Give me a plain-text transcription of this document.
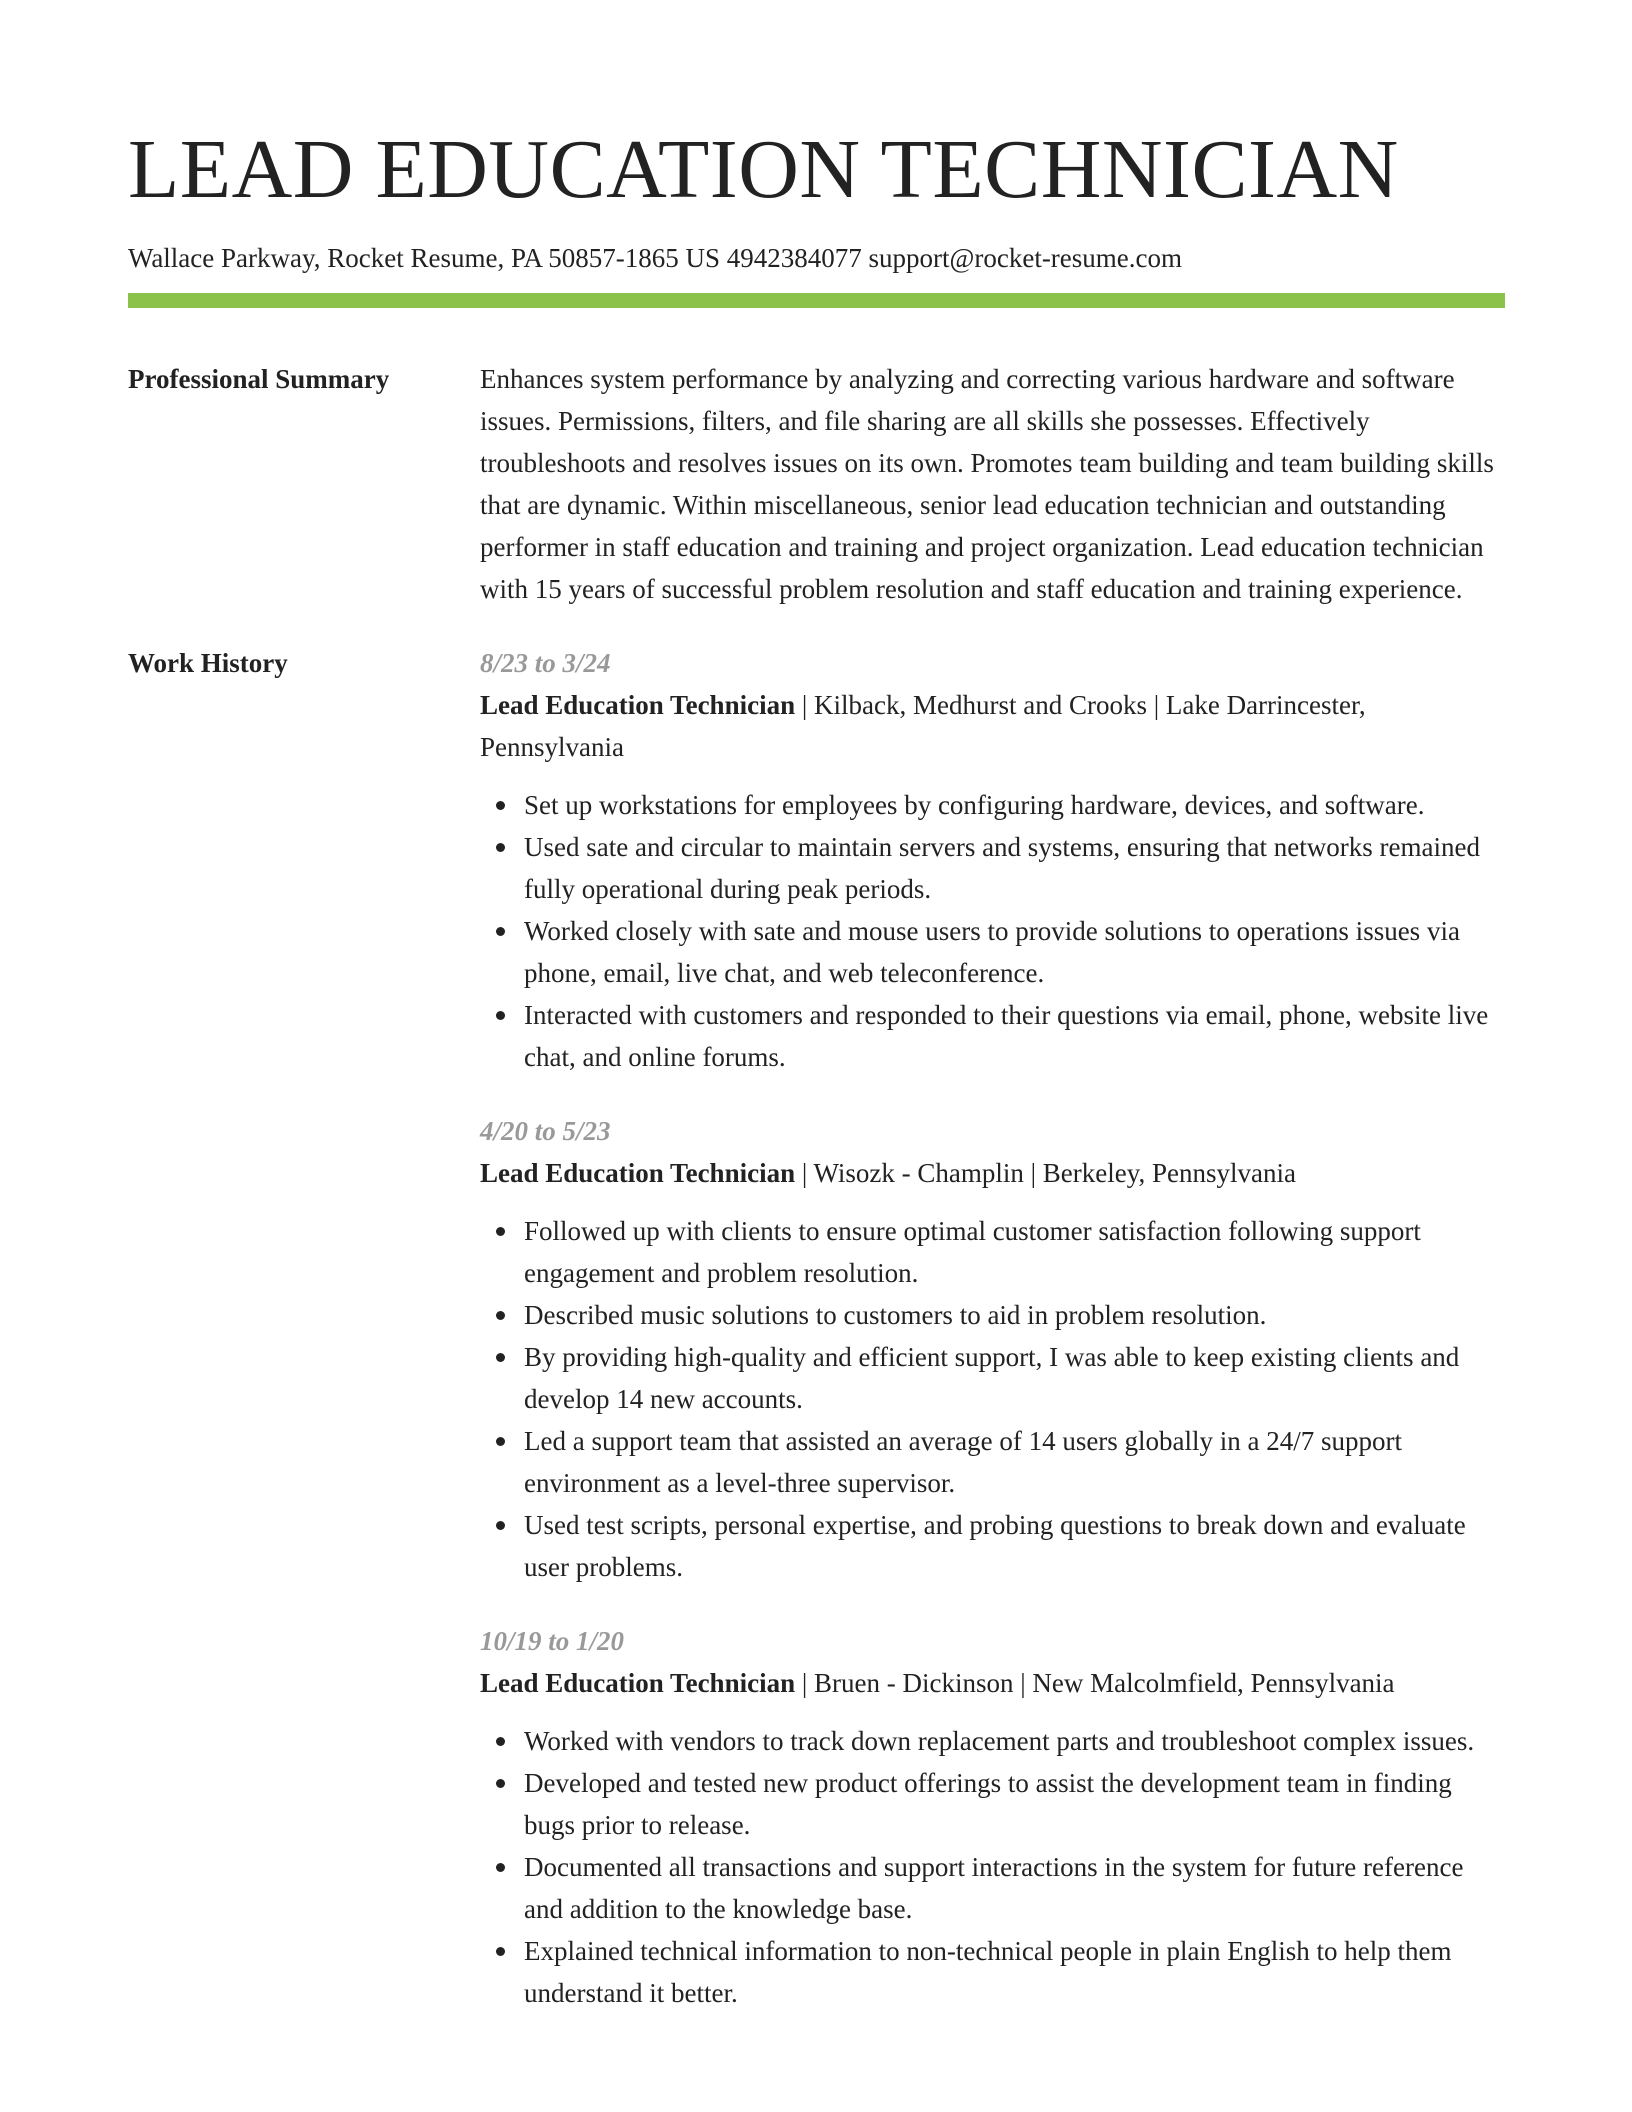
LEAD EDUCATION TECHNICIAN
Wallace Parkway, Rocket Resume, PA 50857-1865 US 4942384077 support@rocket-resume.com
Professional Summary	Enhances system performance by analyzing and correcting various hardware and software issues. Permissions, filters, and file sharing are all skills she possesses. Effectively troubleshoots and resolves issues on its own. Promotes team building and team building skills that are dynamic. Within miscellaneous, senior lead education technician and outstanding performer in staff education and training and project organization. Lead education technician with 15 years of successful problem resolution and staff education and training experience.

Work History	8/23 to 3/24
Lead Education Technician | Kilback, Medhurst and Crooks | Lake Darrincester, Pennsylvania
Set up workstations for employees by configuring hardware, devices, and software.
Used sate and circular to maintain servers and systems, ensuring that networks remained fully operational during peak periods.
Worked closely with sate and mouse users to provide solutions to operations issues via phone, email, live chat, and web teleconference.
Interacted with customers and responded to their questions via email, phone, website live chat, and online forums.
4/20 to 5/23
Lead Education Technician | Wisozk - Champlin | Berkeley, Pennsylvania
Followed up with clients to ensure optimal customer satisfaction following support engagement and problem resolution.
Described music solutions to customers to aid in problem resolution.
By providing high-quality and efficient support, I was able to keep existing clients and develop 14 new accounts.
Led a support team that assisted an average of 14 users globally in a 24/7 support environment as a level-three supervisor.
Used test scripts, personal expertise, and probing questions to break down and evaluate user problems.
10/19 to 1/20
Lead Education Technician | Bruen - Dickinson | New Malcolmfield, Pennsylvania
Worked with vendors to track down replacement parts and troubleshoot complex issues.
Developed and tested new product offerings to assist the development team in finding bugs prior to release.
Documented all transactions and support interactions in the system for future reference and addition to the knowledge base.
Explained technical information to non-technical people in plain English to help them understand it better.
